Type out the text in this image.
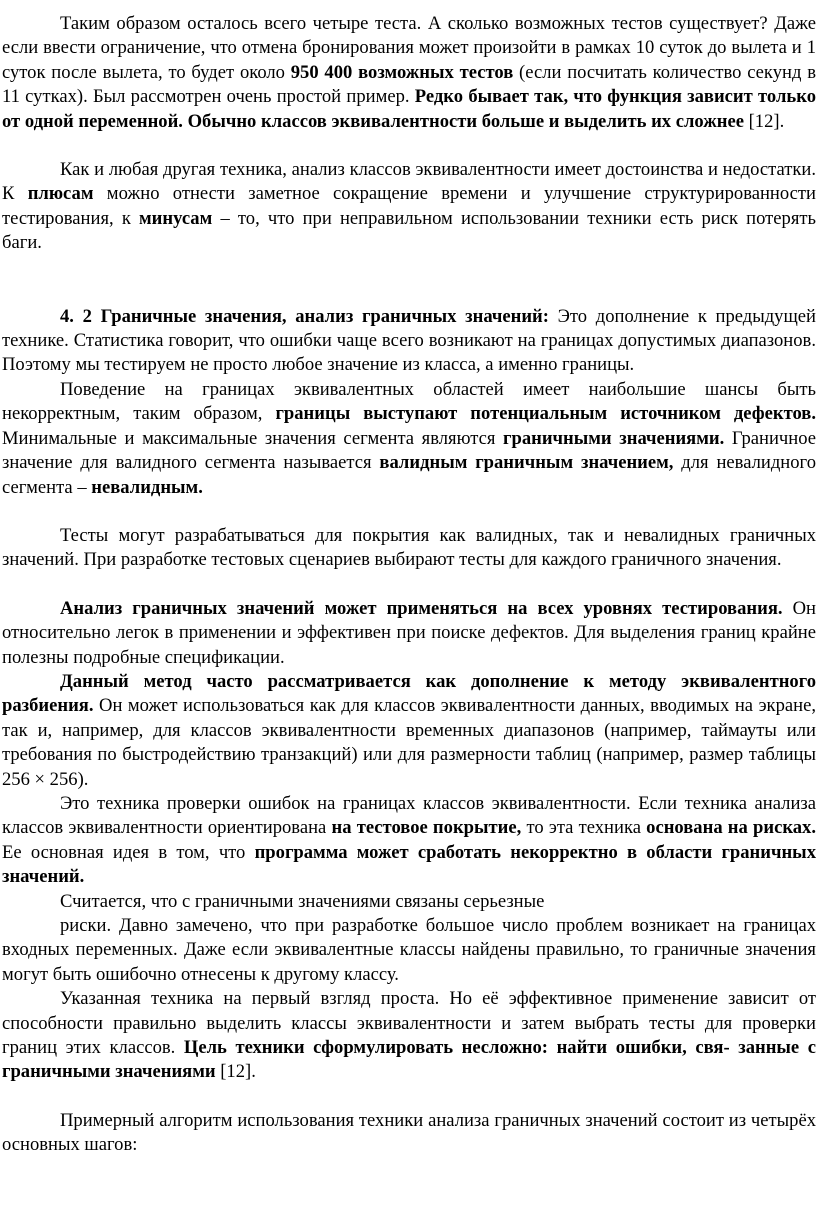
Таким образом осталось всего четыре теста. А сколько возможных тестов существует? Даже если ввести ограничение, что отмена бронирования может произойти в рамках 10 суток до вылета и 1 суток после вылета, то будет около 950 400 возможных тестов (если посчитать количество секунд в 11 сутках). Был рассмотрен очень простой пример. Редко бывает так, что функция зависит только от одной переменной. Обычно классов эквивалентности больше и выделить их сложнее [12].

Как и любая другая техника, анализ классов эквивалентности имеет достоинства и недостатки. К плюсам можно отнести заметное сокращение времени и улучшение структурированности тестирования, к минусам – то, что при неправильном использовании техники есть риск потерять баги.

4. 2 Граничные значения, анализ граничных значений: Это дополнение к предыдущей технике. Статистика говорит, что ошибки чаще всего возникают на границах допустимых диапазонов. Поэтому мы тестируем не просто любое значение из класса, а именно границы.

Поведение на границах эквивалентных областей имеет наибольшие шансы быть некорректным, таким образом, границы выступают потенциальным источником дефектов. Минимальные и максимальные значения сегмента являются граничными значениями. Граничное значение для валидного сегмента называется валидным граничным значением, для невалидного сегмента – невалидным.

Тесты могут разрабатываться для покрытия как валидных, так и невалидных граничных значений. При разработке тестовых сценариев выбирают тесты для каждого граничного значения.

Анализ граничных значений может применяться на всех уровнях тестирования. Он относительно легок в применении и эффективен при поиске дефектов. Для выделения границ крайне полезны подробные спецификации.

Данный метод часто рассматривается как дополнение к методу эквивалентного разбиения. Он может использоваться как для классов эквивалентности данных, вводимых на экране, так и, например, для классов эквивалентности временных диапазонов (например, таймауты или требования по быстродействию транзакций) или для размерности таблиц (например, размер таблицы 256 × 256).

Это техника проверки ошибок на границах классов эквивалентности. Если техника анализа классов эквивалентности ориентирована на тестовое покрытие, то эта техника основана на рисках. Ее основная идея в том, что программа может сработать некорректно в области граничных значений.

Считается, что с граничными значениями связаны серьезные

риски. Давно замечено, что при разработке большое число проблем возникает на границах входных переменных. Даже если эквивалентные классы найдены правильно, то граничные значения могут быть ошибочно отнесены к другому классу.

Указанная техника на первый взгляд проста. Но её эффективное применение зависит от способности правильно выделить классы эквивалентности и затем выбрать тесты для проверки границ этих классов. Цель техники сформулировать несложно: найти ошибки, свя- занные с граничными значениями [12].

Примерный алгоритм использования техники анализа граничных значений состоит из четырёх основных шагов:
